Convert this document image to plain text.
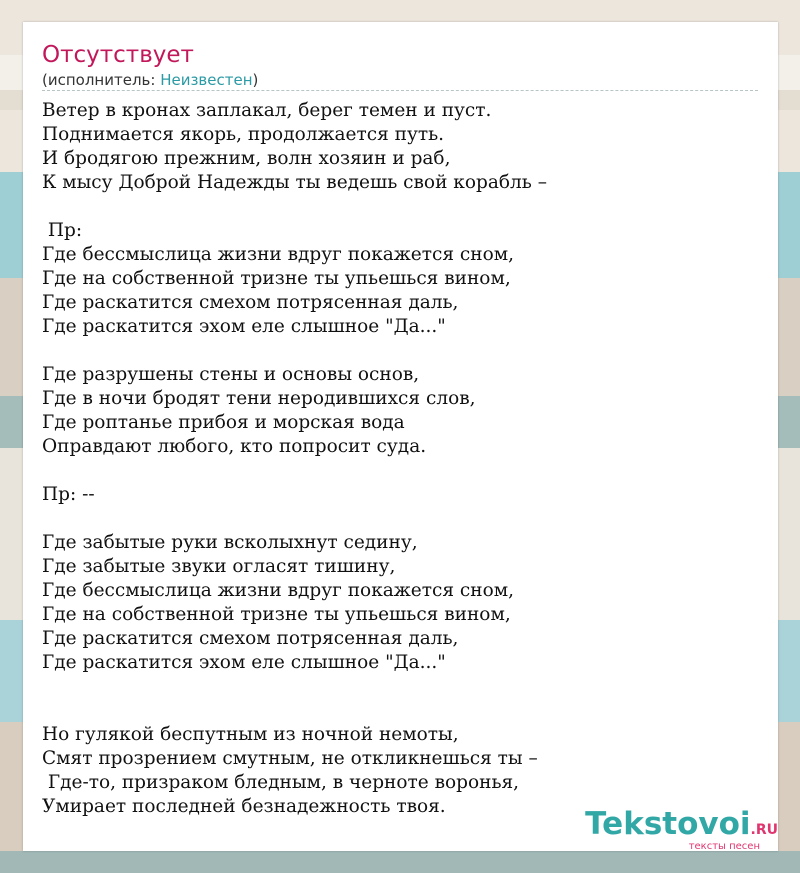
Отсутствует
(исполнитель: Неизвестен)
Ветер в кронах заплакал, берег темен и пуст.
Поднимается якорь, продолжается путь.
И бродягою прежним, волн хозяин и раб,
К мысу Доброй Надежды ты ведешь свой корабль –

Пр:
Где бессмыслица жизни вдруг покажется сном,
Где на собственной тризне ты упьешься вином,
Где раскатится смехом потрясенная даль,
Где раскатится эхом еле слышное "Да..."

Где разрушены стены и основы основ,
Где в ночи бродят тени неродившихся слов,
Где роптанье прибоя и морская вода
Оправдают любого, кто попросит суда.

Пр: --

Где забытые руки всколыхнут седину,
Где забытые звуки огласят тишину,
Где бессмыслица жизни вдруг покажется сном,
Где на собственной тризне ты упьешься вином,
Где раскатится смехом потрясенная даль,
Где раскатится эхом еле слышное "Да..."

Но гулякой беспутным из ночной немоты,
Смят прозрением смутным, не откликнешься ты –
Где-то, призраком бледным, в черноте воронья,
Умирает последней безнадежность твоя.	Tekstovoi.RU
тексты песен
